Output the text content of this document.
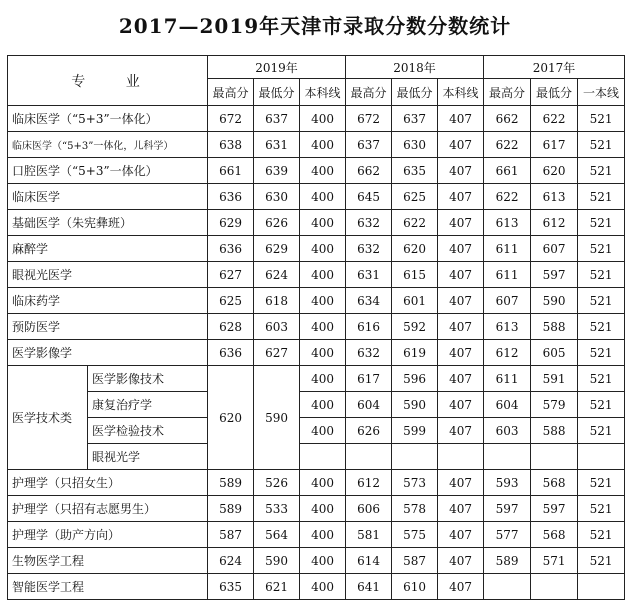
2017—2019年天津市录取分数分数统计
专 业		2019年			2018年			2017年		
		最高分	最低分	本科线	最高分	最低分	本科线	最高分	最低分	一本线
临床医学（“5+3”一体化）		672	637	400	672	637	407	662	622	521
临床医学（“5+3”一体化，儿科学）		638	631	400	637	630	407	622	617	521
口腔医学（“5+3”一体化）		661	639	400	662	635	407	661	620	521
临床医学		636	630	400	645	625	407	622	613	521
基础医学（朱宪彝班）		629	626	400	632	622	407	613	612	521
麻醉学		636	629	400	632	620	407	611	607	521
眼视光医学		627	624	400	631	615	407	611	597	521
临床药学		625	618	400	634	601	407	607	590	521
预防医学		628	603	400	616	592	407	613	588	521
医学影像学		636	627	400	632	619	407	612	605	521
医学技术类	医学影像技术	620	590	400	617	596	407	611	591	521
	康复治疗学			400	604	590	407	604	579	521
	医学检验技术			400	626	599	407	603	588	521
	眼视光学									
护理学（只招女生）		589	526	400	612	573	407	593	568	521
护理学（只招有志愿男生）		589	533	400	606	578	407	597	597	521
护理学（助产方向）		587	564	400	581	575	407	577	568	521
生物医学工程		624	590	400	614	587	407	589	571	521
智能医学工程		635	621	400	641	610	407			
